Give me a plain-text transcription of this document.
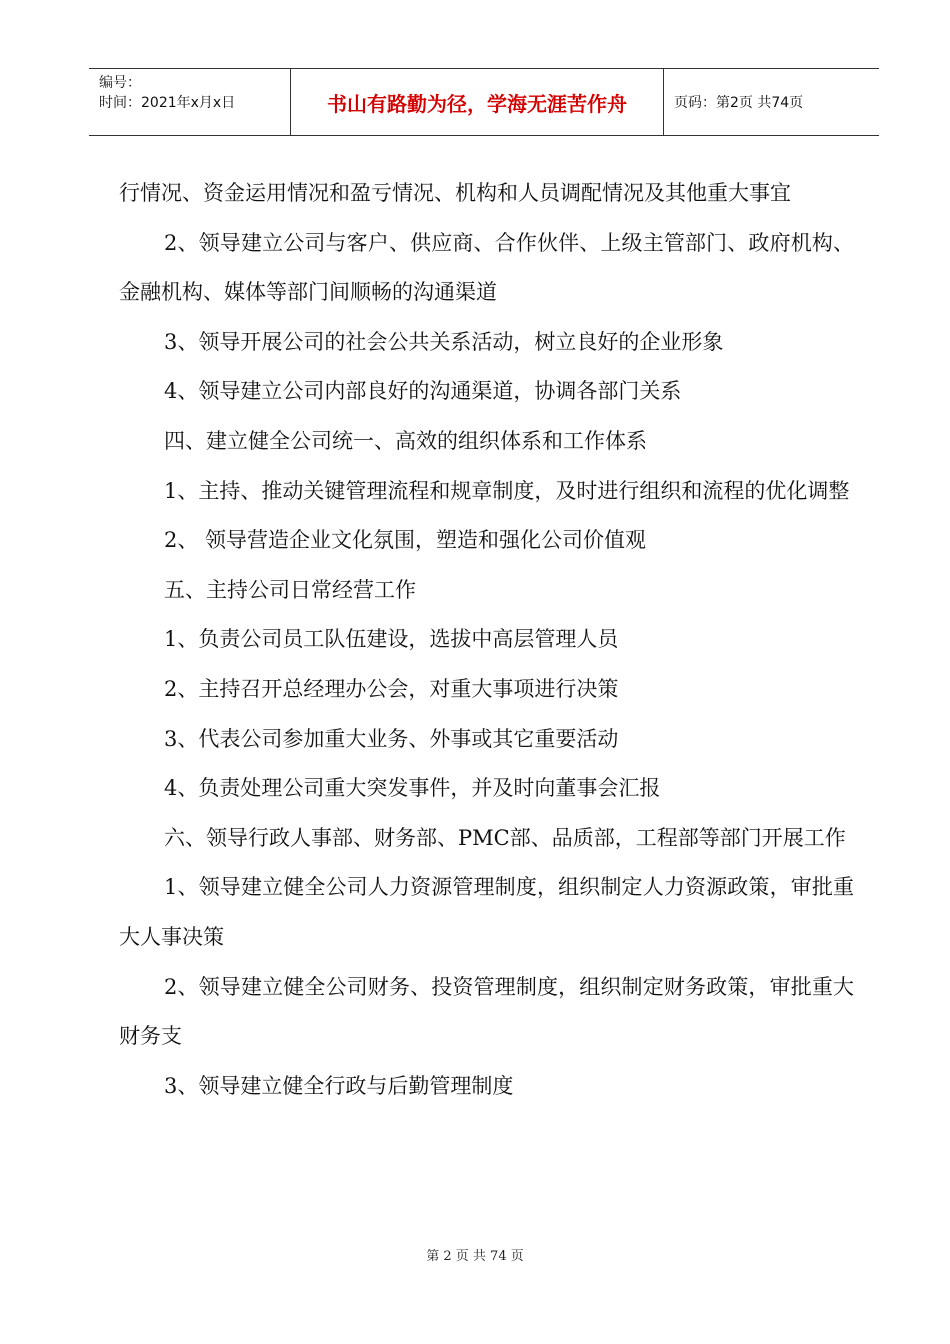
编号：
时间：2021年x月x日	书山有路勤为径，学海无涯苦作舟	页码：第2页 共74页

行情况、资金运用情况和盈亏情况、机构和人员调配情况及其他重大事宜

2、领导建立公司与客户、供应商、合作伙伴、上级主管部门、政府机构、金融机构、媒体等部门间顺畅的沟通渠道

3、领导开展公司的社会公共关系活动，树立良好的企业形象

4、领导建立公司内部良好的沟通渠道，协调各部门关系

四、建立健全公司统一、高效的组织体系和工作体系

1、主持、推动关键管理流程和规章制度，及时进行组织和流程的优化调整

2、 领导营造企业文化氛围，塑造和强化公司价值观

五、主持公司日常经营工作

1、负责公司员工队伍建设，选拔中高层管理人员

2、主持召开总经理办公会，对重大事项进行决策

3、代表公司参加重大业务、外事或其它重要活动

4、负责处理公司重大突发事件，并及时向董事会汇报

六、领导行政人事部、财务部、PMC部、品质部，工程部等部门开展工作

1、领导建立健全公司人力资源管理制度，组织制定人力资源政策，审批重大人事决策

2、领导建立健全公司财务、投资管理制度，组织制定财务政策，审批重大财务支

3、领导建立健全行政与后勤管理制度

第 2 页 共 74 页
